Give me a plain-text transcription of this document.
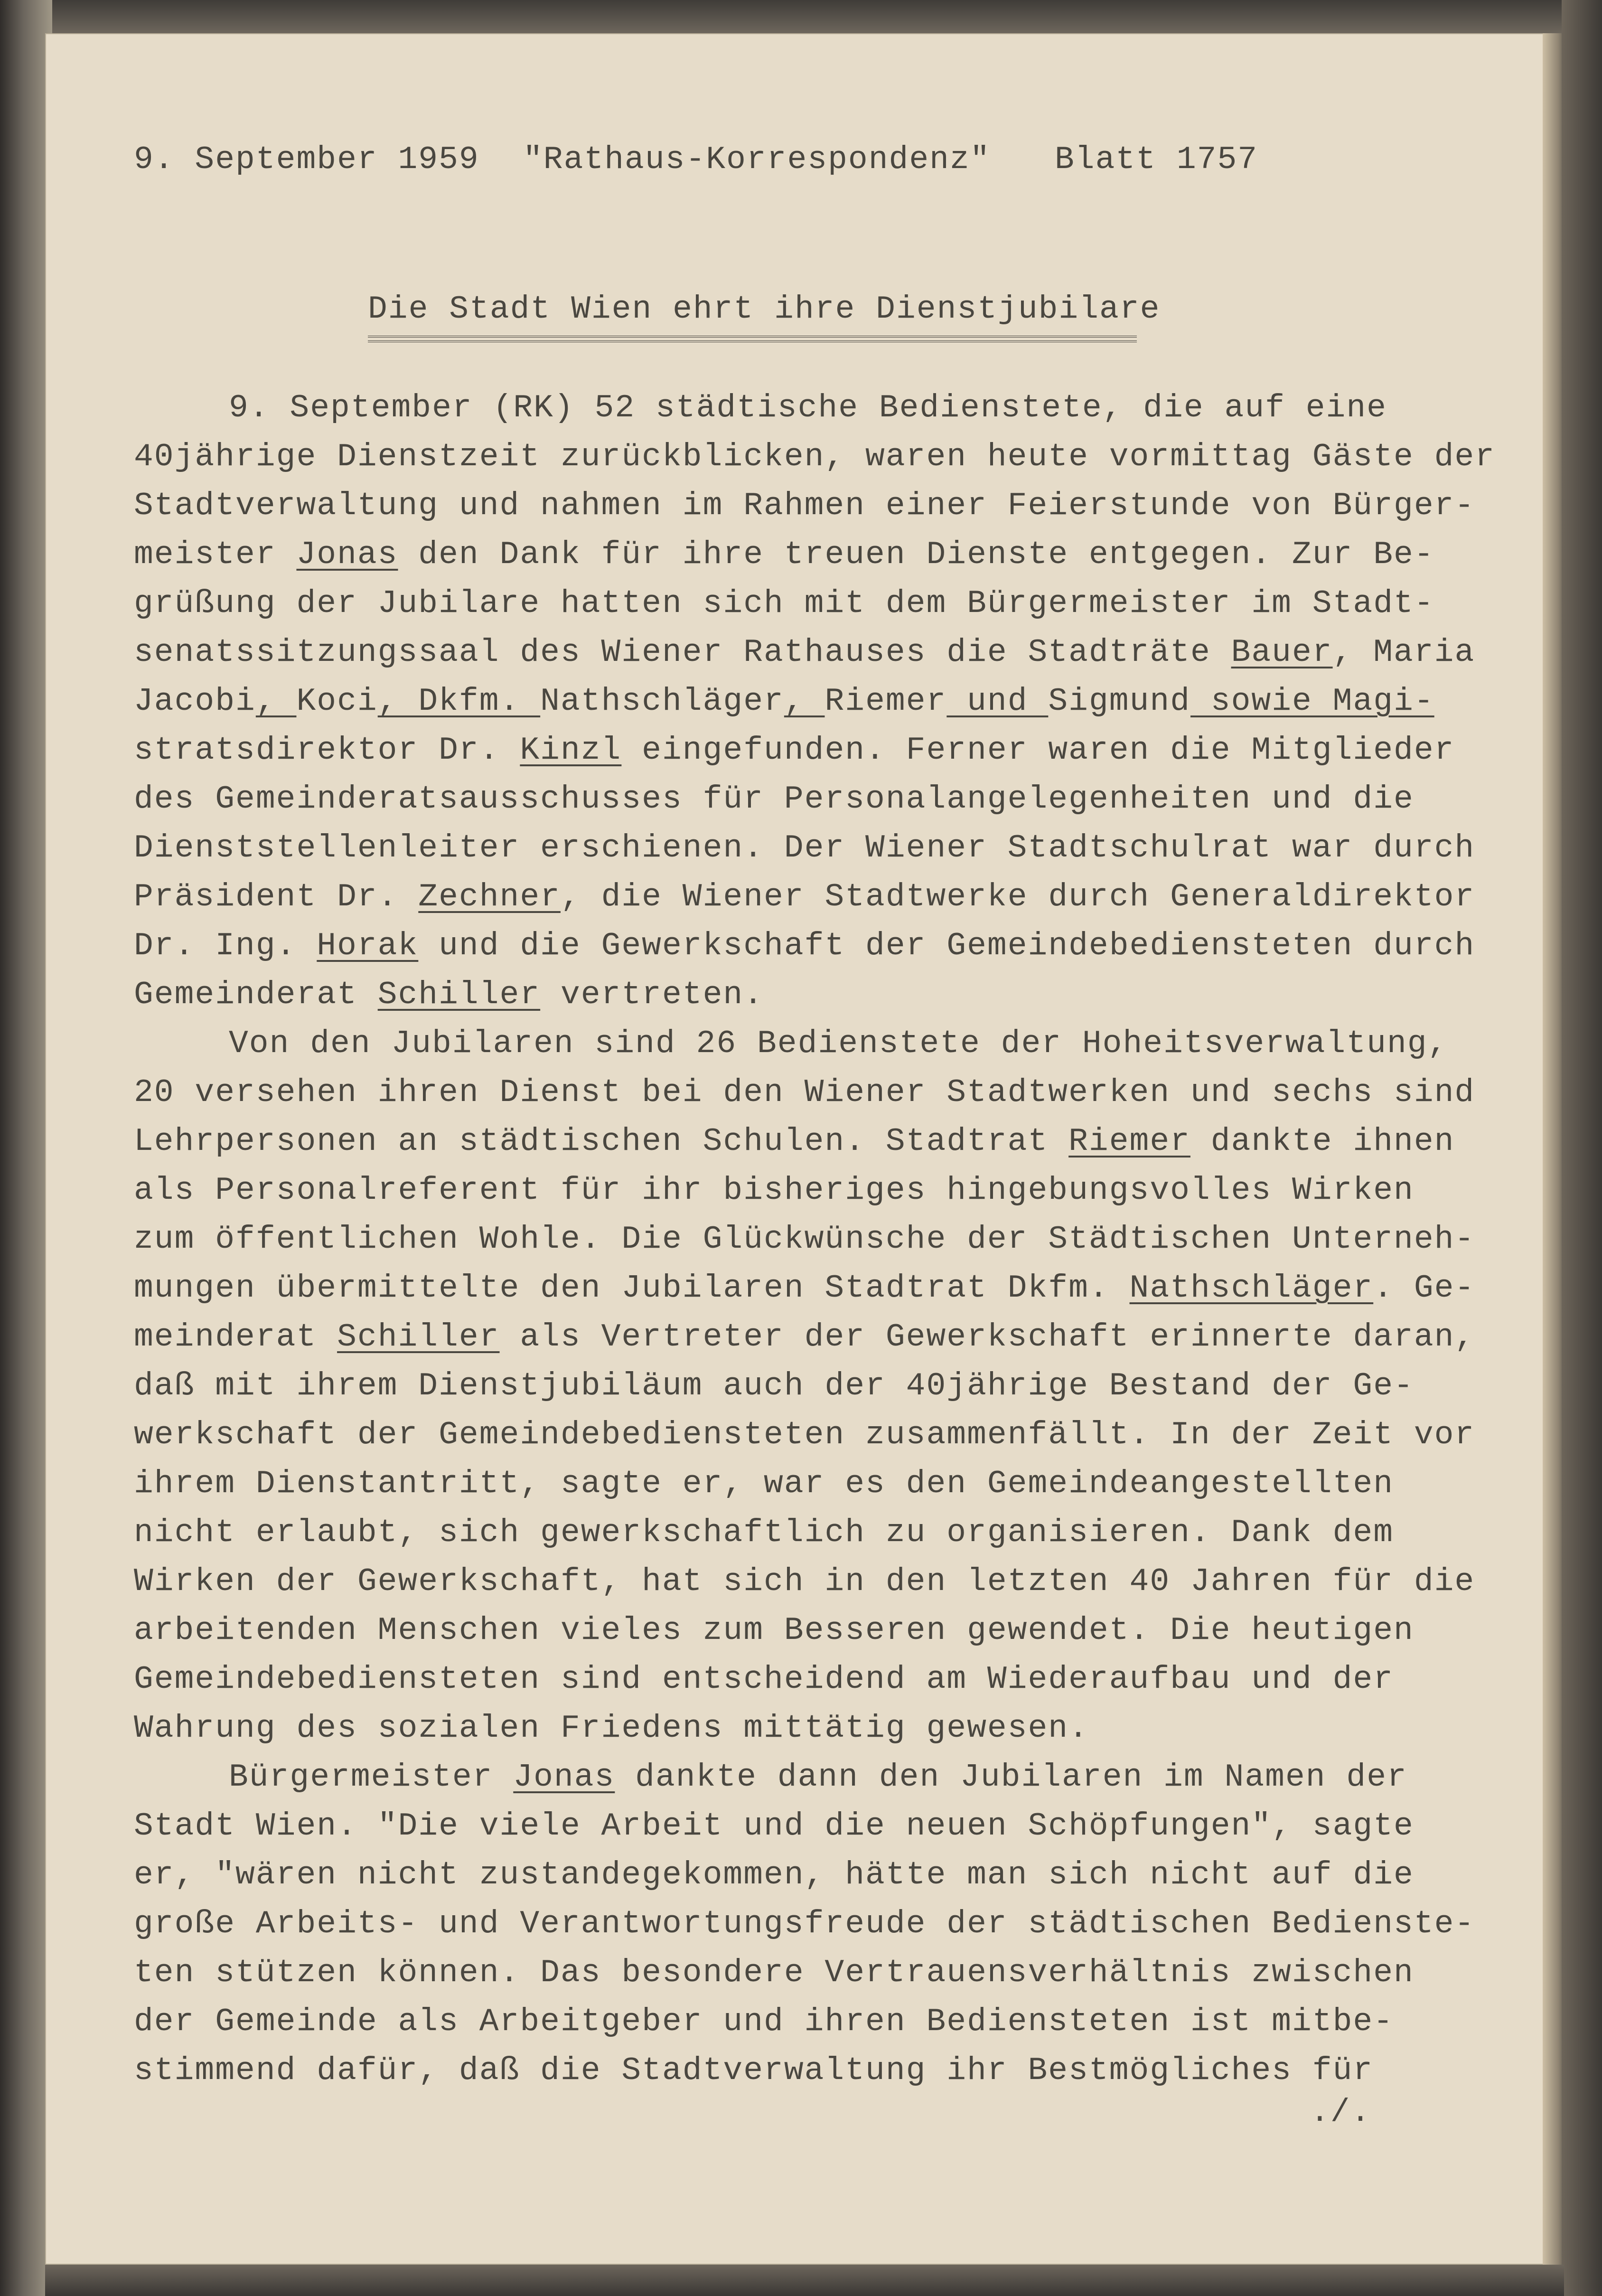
9. September 1959	"Rathaus-Korrespondenz"	Blatt 1757
Die Stadt Wien ehrt ihre Dienstjubilare
9. September (RK) 52 städtische Bedienstete, die auf eine
40jährige Dienstzeit zurückblicken, waren heute vormittag Gäste der
Stadtverwaltung und nahmen im Rahmen einer Feierstunde von Bürger-
meister Jonas den Dank für ihre treuen Dienste entgegen. Zur Be-
grüßung der Jubilare hatten sich mit dem Bürgermeister im Stadt-
senatssitzungssaal des Wiener Rathauses die Stadträte Bauer, Maria
Jacobi, Koci, Dkfm. Nathschläger, Riemer und Sigmund sowie Magi-
stratsdirektor Dr. Kinzl eingefunden. Ferner waren die Mitglieder
des Gemeinderatsausschusses für Personalangelegenheiten und die
Dienststellenleiter erschienen. Der Wiener Stadtschulrat war durch
Präsident Dr. Zechner, die Wiener Stadtwerke durch Generaldirektor
Dr. Ing. Horak und die Gewerkschaft der Gemeindebediensteten durch
Gemeinderat Schiller vertreten.
Von den Jubilaren sind 26 Bedienstete der Hoheitsverwaltung,
20 versehen ihren Dienst bei den Wiener Stadtwerken und sechs sind
Lehrpersonen an städtischen Schulen. Stadtrat Riemer dankte ihnen
als Personalreferent für ihr bisheriges hingebungsvolles Wirken
zum öffentlichen Wohle. Die Glückwünsche der Städtischen Unterneh-
mungen übermittelte den Jubilaren Stadtrat Dkfm. Nathschläger. Ge-
meinderat Schiller als Vertreter der Gewerkschaft erinnerte daran,
daß mit ihrem Dienstjubiläum auch der 40jährige Bestand der Ge-
werkschaft der Gemeindebediensteten zusammenfällt. In der Zeit vor
ihrem Dienstantritt, sagte er, war es den Gemeindeangestellten
nicht erlaubt, sich gewerkschaftlich zu organisieren. Dank dem
Wirken der Gewerkschaft, hat sich in den letzten 40 Jahren für die
arbeitenden Menschen vieles zum Besseren gewendet. Die heutigen
Gemeindebediensteten sind entscheidend am Wiederaufbau und der
Wahrung des sozialen Friedens mittätig gewesen.
Bürgermeister Jonas dankte dann den Jubilaren im Namen der
Stadt Wien. "Die viele Arbeit und die neuen Schöpfungen", sagte
er, "wären nicht zustandegekommen, hätte man sich nicht auf die
große Arbeits- und Verantwortungsfreude der städtischen Bedienste-
ten stützen können. Das besondere Vertrauensverhältnis zwischen
der Gemeinde als Arbeitgeber und ihren Bediensteten ist mitbe-
stimmend dafür, daß die Stadtverwaltung ihr Bestmögliches für
./.
